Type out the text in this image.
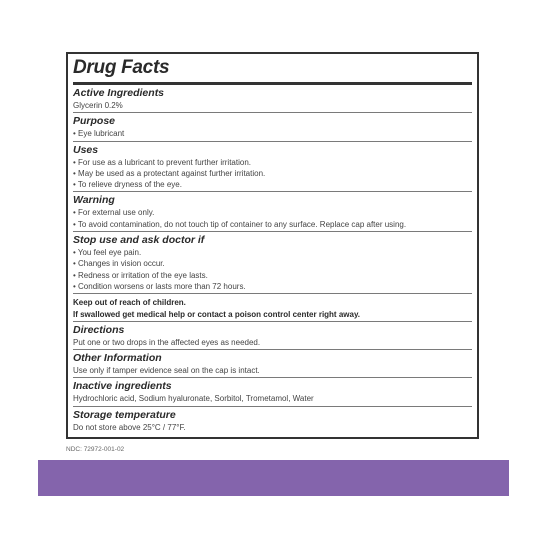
Drug Facts
Active Ingredients
Glycerin 0.2%
Purpose
• Eye lubricant
Uses
• For use as a lubricant to prevent further irritation.
• May be used as a protectant against further irritation.
• To relieve dryness of the eye.
Warning
• For external use only.
• To avoid contamination, do not touch tip of container to any surface. Replace cap after using.
Stop use and ask doctor if
• You feel eye pain.
• Changes in vision occur.
• Redness or irritation of the eye lasts.
• Condition worsens or lasts more than 72 hours.
Keep out of reach of children.
If swallowed get medical help or contact a poison control center right away.
Directions
Put one or two drops in the affected eyes as needed.
Other Information
Use only if tamper evidence seal on the cap is intact.
Inactive ingredients
Hydrochloric acid, Sodium hyaluronate, Sorbitol, Trometamol, Water
Storage temperature
Do not store above 25°C / 77°F.
NDC: 72972-001-02
